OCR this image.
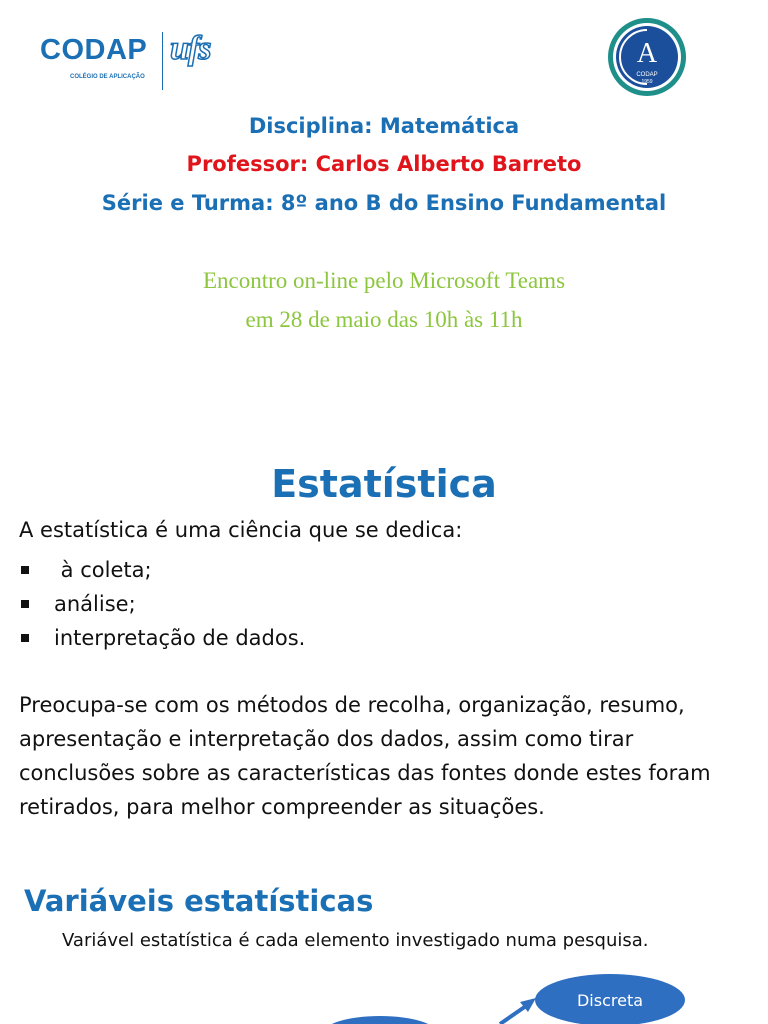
CODAP
COLÉGIO DE APLICAÇÃO
ufs	A
CODAP
1959
Disciplina: Matemática
Professor: Carlos Alberto Barreto
Série e Turma: 8º ano B do Ensino Fundamental
Encontro on-line pelo Microsoft Teams
em 28 de maio das 10h às 11h
Estatística
A estatística é uma ciência que se dedica:
à coleta;
análise;
interpretação de dados.

Preocupa-se com os métodos de recolha, organização, resumo, apresentação e interpretação dos dados, assim como tirar conclusões sobre as características das fontes donde estes foram retirados, para melhor compreender as situações.

Variáveis estatísticas
Variável estatística é cada elemento investigado numa pesquisa.
Discreta
